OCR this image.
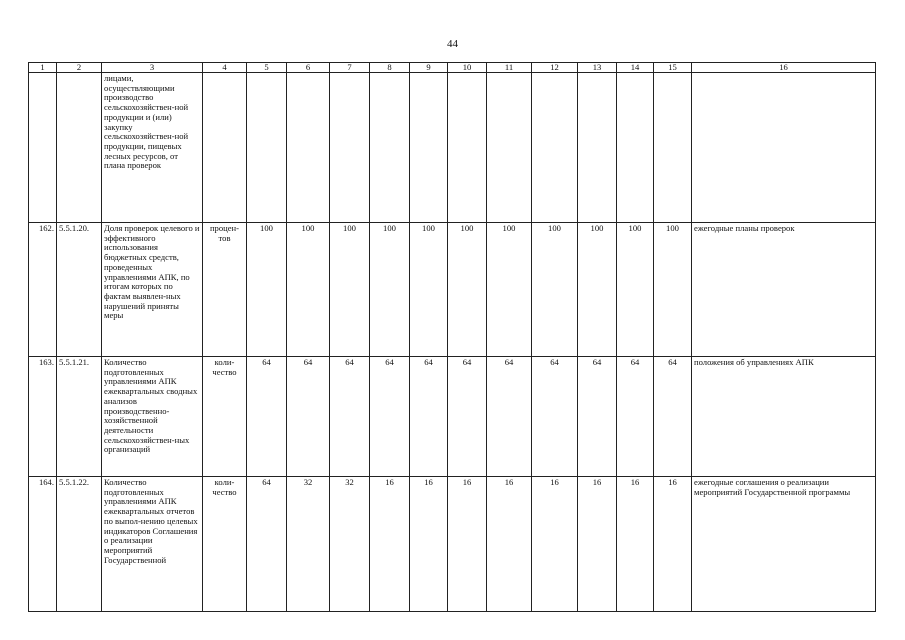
44
1	2	3	4	5	6	7	8	9	10	11	12	13	14	15	16
		лицами, осуществляющими производство сельскохозяйствен-ной продукции и (или) закупку сельскохозяйствен-ной продукции, пищевых лесных ресурсов, от плана проверок													
162.	5.5.1.20.	Доля проверок целевого и эффективного использования бюджетных средств, проведенных управлениями АПК, по итогам которых по фактам выявлен-ных нарушений приняты меры	процен-тов	100	100	100	100	100	100	100	100	100	100	100	ежегодные планы проверок
163.	5.5.1.21.	Количество подготовленных управлениями АПК ежеквартальных сводных анализов производственно-хозяйственной деятельности сельскохозяйствен-ных организаций	коли-чество	64	64	64	64	64	64	64	64	64	64	64	положения об управлениях АПК
164.	5.5.1.22.	Количество подготовленных управлениями АПК ежеквартальных отчетов по выпол-нению целевых индикаторов Соглашения о реализации мероприятий Государственной	коли-чество	64	32	32	16	16	16	16	16	16	16	16	ежегодные соглашения о реализации мероприятий Государственной программы
